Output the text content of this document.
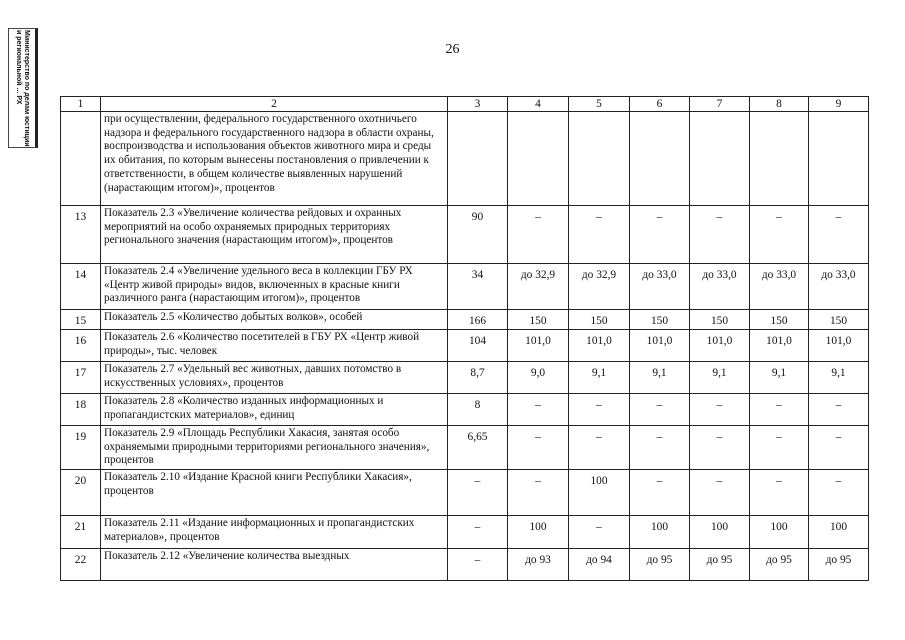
Министерство по делам юстиции и региональной ... РХ	26
1	2	3	4	5	6	7	8	9
	при осуществлении, федерального государственного охотничьего надзора и федерального государственного надзора в области охраны, воспроизводства и использования объектов животного мира и среды их обитания, по которым вынесены постановления о привлечении к ответственности, в общем количестве выявленных нарушений (нарастающим итогом)», процентов							
13	Показатель 2.3 «Увеличение количества рейдовых и охранных мероприятий на особо охраняемых природных территориях регионального значения (нарастающим итогом)», процентов	90	–	–	–	–	–	–
14	Показатель 2.4 «Увеличение удельного веса в коллекции ГБУ РХ «Центр живой природы» видов, включенных в красные книги различного ранга (нарастающим итогом)», процентов	34	до 32,9	до 32,9	до 33,0	до 33,0	до 33,0	до 33,0
15	Показатель 2.5 «Количество добытых волков», особей	166	150	150	150	150	150	150
16	Показатель 2.6 «Количество посетителей в ГБУ РХ «Центр живой природы», тыс. человек	104	101,0	101,0	101,0	101,0	101,0	101,0
17	Показатель 2.7 «Удельный вес животных, давших потомство в искусственных условиях», процентов	8,7	9,0	9,1	9,1	9,1	9,1	9,1
18	Показатель 2.8 «Количество изданных информационных и пропагандистских материалов», единиц	8	–	–	–	–	–	–
19	Показатель 2.9 «Площадь Республики Хакасия, занятая особо охраняемыми природными территориями регионального значения», процентов	6,65	–	–	–	–	–	–
20	Показатель 2.10 «Издание Красной книги Республики Хакасия», процентов	–	–	100	–	–	–	–
21	Показатель 2.11 «Издание информационных и пропагандистских материалов», процентов	–	100	–	100	100	100	100
22	Показатель 2.12 «Увеличение количества выездных	–	до 93	до 94	до 95	до 95	до 95	до 95
